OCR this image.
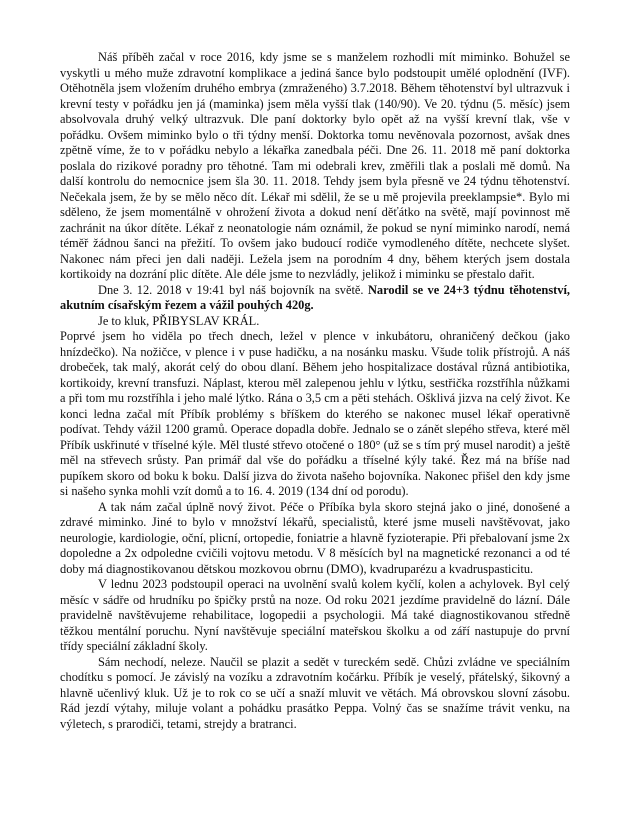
Náš příběh začal v roce 2016, kdy jsme se s manželem rozhodli mít miminko. Bohužel se vyskytli u mého muže zdravotní komplikace a jediná šance bylo podstoupit umělé oplodnění (IVF). Otěhotněla jsem vložením druhého embrya (zmraženého) 3.7.2018. Během těhotenství byl ultrazvuk i krevní testy v pořádku jen já (maminka) jsem měla vyšší tlak (140/90). Ve 20. týdnu (5. měsíc) jsem absolvovala druhý velký ultrazvuk. Dle paní doktorky bylo opět až na vyšší krevní tlak, vše v pořádku. Ovšem miminko bylo o tři týdny menší. Doktorka tomu nevěnovala pozornost, avšak dnes zpětně víme, že to v pořádku nebylo a lékařka zanedbala péči. Dne 26. 11. 2018 mě paní doktorka poslala do rizikové poradny pro těhotné. Tam mi odebrali krev, změřili tlak a poslali mě domů. Na další kontrolu do nemocnice jsem šla 30. 11. 2018. Tehdy jsem byla přesně ve 24 týdnu těhotenství. Nečekala jsem, že by se mělo něco dít. Lékař mi sdělil, že se u mě projevila preeklampsie*. Bylo mi sděleno, že jsem momentálně v ohrožení života a dokud není děťátko na světě, mají povinnost mě zachránit na úkor dítěte. Lékař z neonatologie nám oznámil, že pokud se nyní miminko narodí, nemá téměř žádnou šanci na přežití. To ovšem jako budoucí rodiče vymodleného dítěte, nechcete slyšet. Nakonec nám přeci jen dali naději. Ležela jsem na porodním 4 dny, během kterých jsem dostala kortikoidy na dozrání plic dítěte. Ale déle jsme to nezvládly, jelikož i miminku se přestalo dařit.

Dne 3. 12. 2018 v 19:41 byl náš bojovník na světě. Narodil se ve 24+3 týdnu těhotenství, akutním císařským řezem a vážil pouhých 420g.

Je to kluk, PŘIBYSLAV KRÁL.

Poprvé jsem ho viděla po třech dnech, ležel v plence v inkubátoru, ohraničený dečkou (jako hnízdečko). Na nožičce, v plence i v puse hadičku, a na nosánku masku. Všude tolik přístrojů. A náš drobeček, tak malý, akorát celý do obou dlaní. Během jeho hospitalizace dostával různá antibiotika, kortikoidy, krevní transfuzi. Náplast, kterou měl zalepenou jehlu v lýtku, sestřička rozstříhla nůžkami a při tom mu rozstříhla i jeho malé lýtko. Rána o 3,5 cm a pěti stehách. Ošklivá jizva na celý život. Ke konci ledna začal mít Příbík problémy s bříškem do kterého se nakonec musel lékař operativně podívat. Tehdy vážil 1200 gramů. Operace dopadla dobře. Jednalo se o zánět slepého střeva, které měl Příbík uskřinuté v tříselné kýle. Měl tlusté střevo otočené o 180° (už se s tím prý musel narodit) a ještě měl na střevech srůsty. Pan primář dal vše do pořádku a tříselné kýly také. Řez má na bříše nad pupíkem skoro od boku k boku. Další jizva do života našeho bojovníka. Nakonec přišel den kdy jsme si našeho synka mohli vzít domů a to 16. 4. 2019 (134 dní od porodu).

A tak nám začal úplně nový život. Péče o Příbíka byla skoro stejná jako o jiné, donošené a zdravé miminko. Jiné to bylo v množství lékařů, specialistů, které jsme museli navštěvovat, jako neurologie, kardiologie, oční, plicní, ortopedie, foniatrie a hlavně fyzioterapie. Při přebalovaní jsme 2x dopoledne a 2x odpoledne cvičili vojtovu metodu. V 8 měsících byl na magnetické rezonanci a od té doby má diagnostikovanou dětskou mozkovou obrnu (DMO), kvadruparézu a kvadruspasticitu.

V lednu 2023 podstoupil operaci na uvolnění svalů kolem kyčlí, kolen a achylovek. Byl celý měsíc v sádře od hrudníku po špičky prstů na noze. Od roku 2021 jezdíme pravidelně do lázní. Dále pravidelně navštěvujeme rehabilitace, logopedii a psychologii. Má také diagnostikovanou středně těžkou mentální poruchu. Nyní navštěvuje speciální mateřskou školku a od září nastupuje do první třídy speciální základní školy.

Sám nechodí, neleze. Naučil se plazit a sedět v tureckém sedě. Chůzi zvládne ve speciálním chodítku s pomocí. Je závislý na vozíku a zdravotním kočárku. Příbík je veselý, přátelský, šikovný a hlavně učenlivý kluk. Už je to rok co se učí a snaží mluvit ve větách. Má obrovskou slovní zásobu. Rád jezdí výtahy, miluje volant a pohádku prasátko Peppa. Volný čas se snažíme trávit venku, na výletech, s prarodiči, tetami, strejdy a bratranci.
